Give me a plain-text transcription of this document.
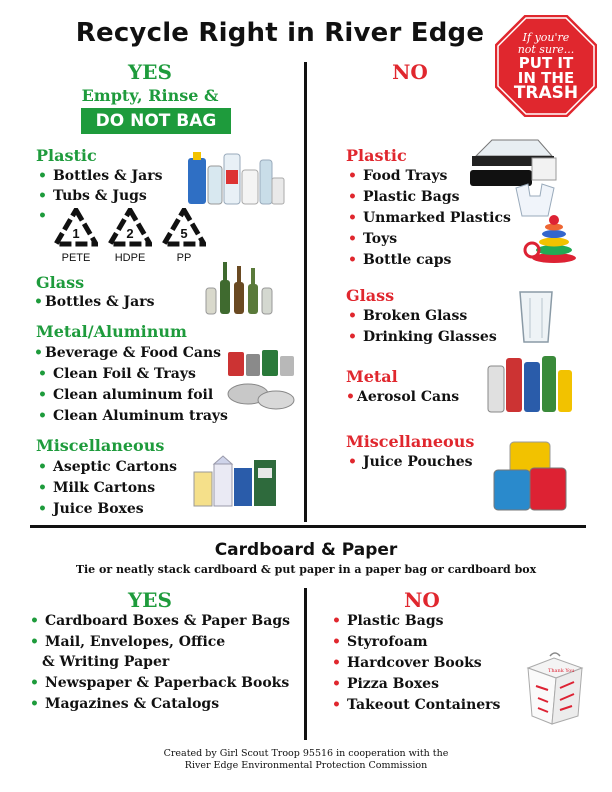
Recycle Right in River Edge	If you're
not sure...
PUT IT
IN THE
TRASH
YES
Empty, Rinse &
DO NOT BAG
Plastic
• Bottles & Jars
• Tubs & Jugs
•
1
PETE
2
HDPE
5
PP
Glass
• Bottles & Jars
Metal/Aluminum
• Beverage & Food Cans
• Clean Foil & Trays
• Clean aluminum foil
• Clean Aluminum trays
Miscellaneous
• Aseptic Cartons
• Milk Cartons
• Juice Boxes
NO
Plastic
• Food Trays
• Plastic Bags
• Unmarked Plastics
• Toys
• Bottle caps
Glass
• Broken Glass
• Drinking Glasses
Metal
• Aerosol Cans
Miscellaneous
• Juice Pouches
Cardboard & Paper
Tie or neatly stack cardboard & put paper in a paper bag or cardboard box
YES
• Cardboard Boxes & Paper Bags
• Mail, Envelopes, Office
& Writing Paper
• Newspaper & Paperback Books
• Magazines & Catalogs
NO
• Plastic Bags
• Styrofoam
• Hardcover Books
• Pizza Boxes
• Takeout Containers
Thank You
Created by Girl Scout Troop 95516 in cooperation with the
River Edge Environmental Protection Commission
